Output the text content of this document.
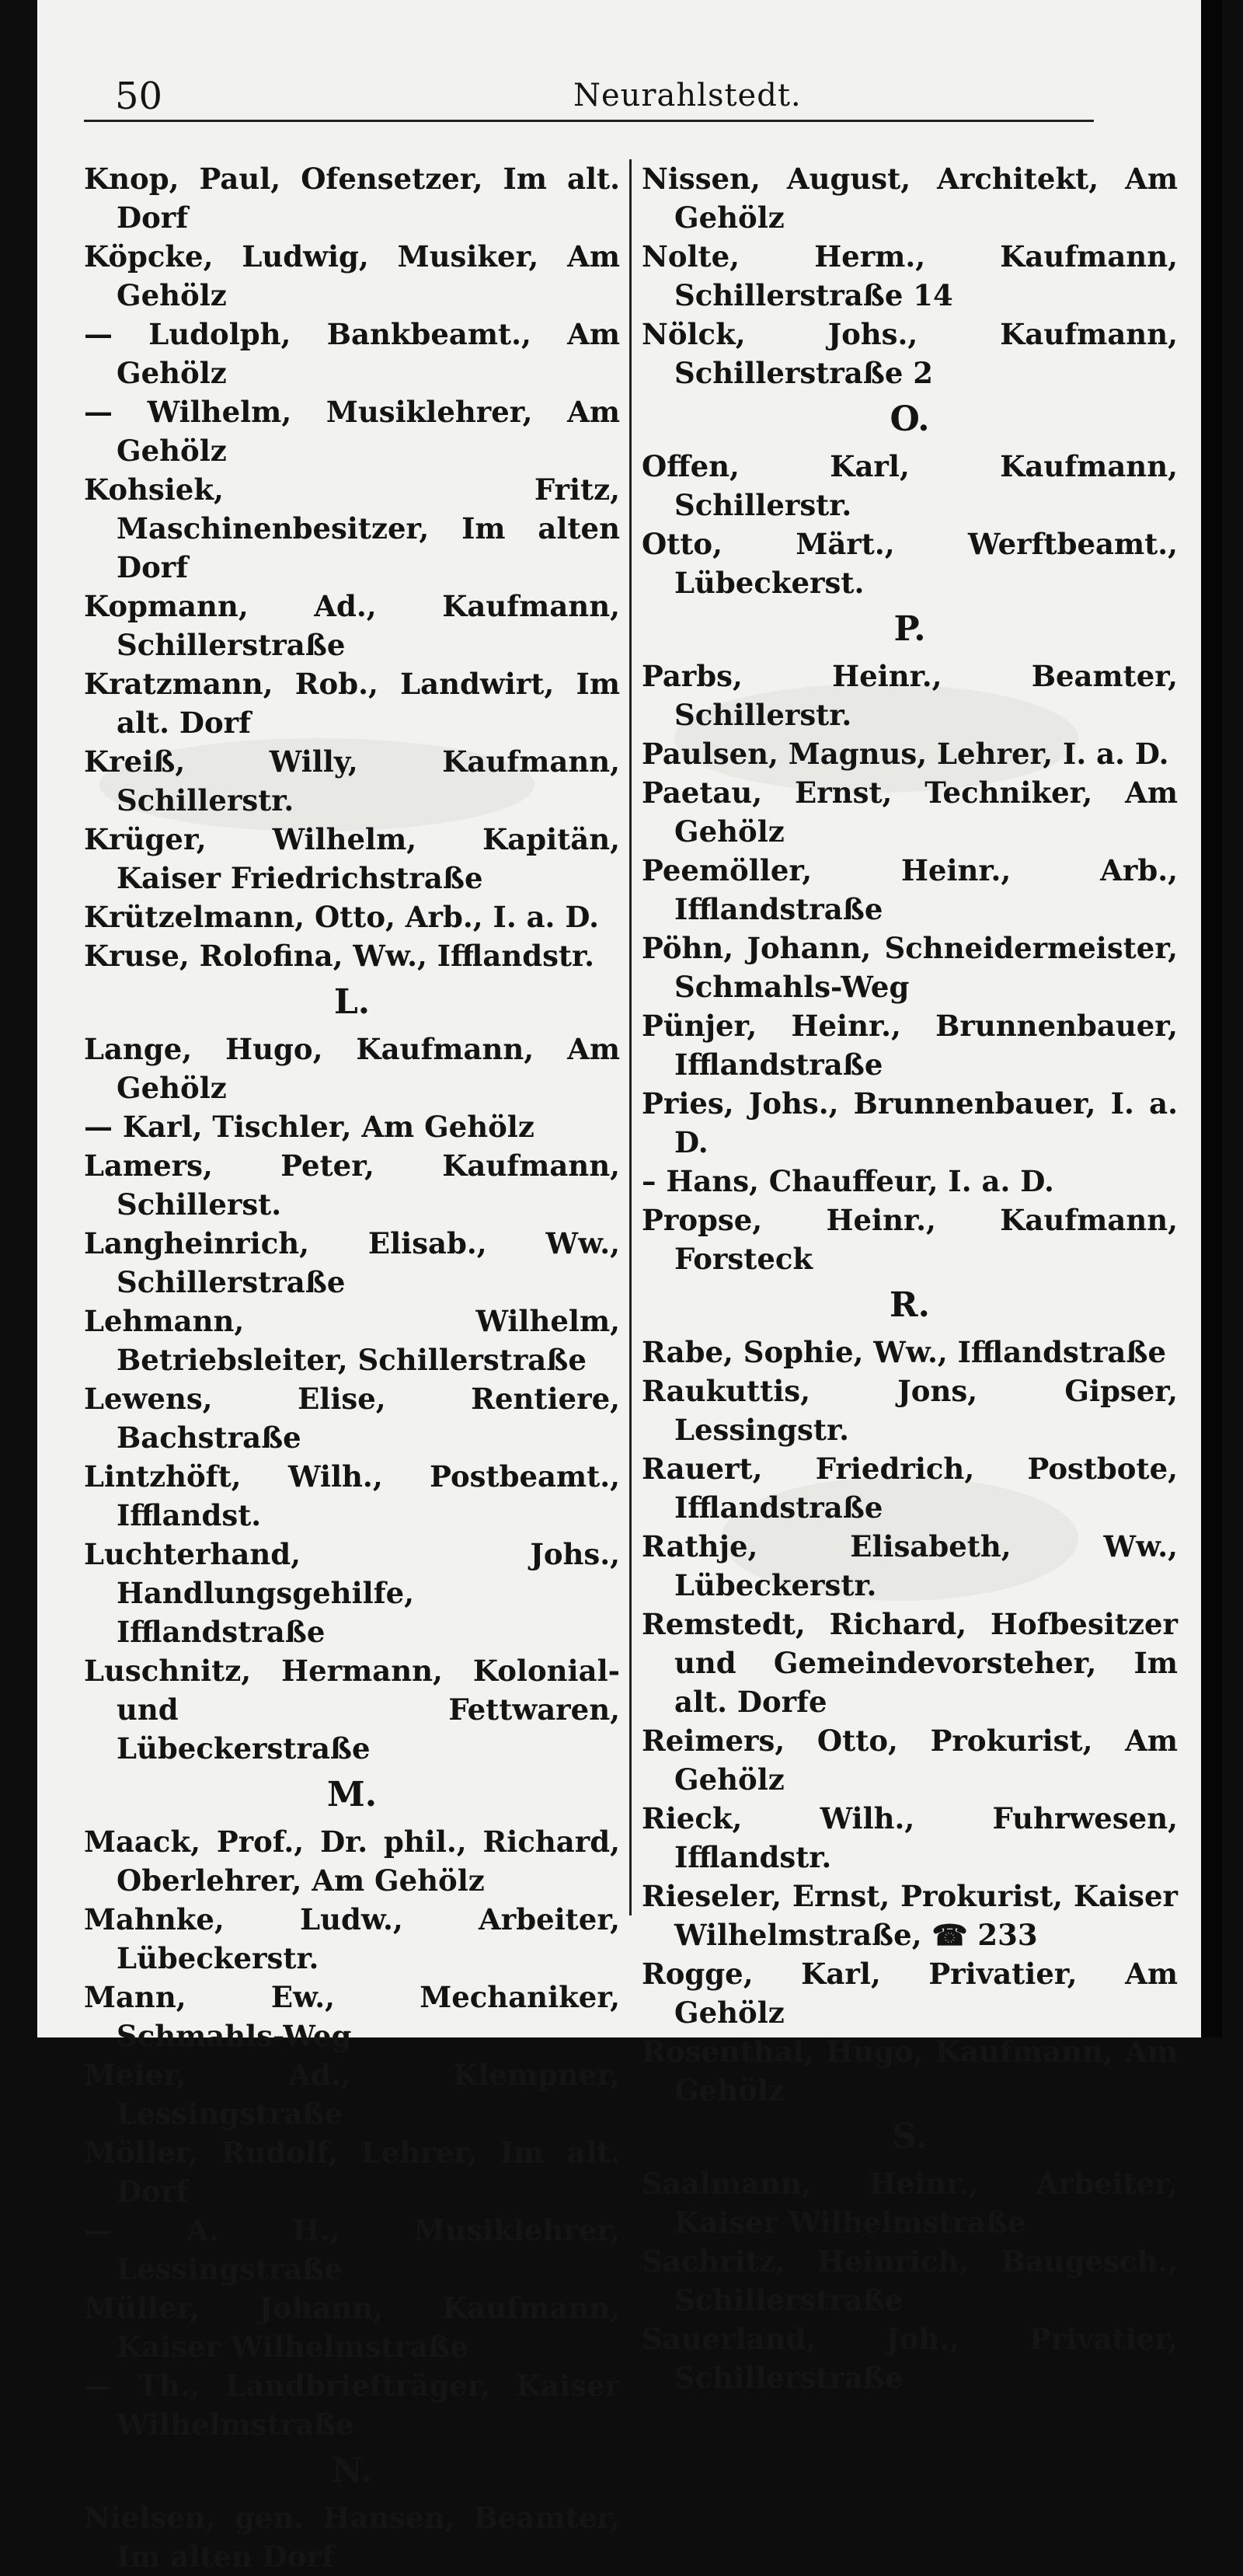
50	Neurahlstedt.

Knop, Paul, Ofensetzer, Im alt. Dorf

Köpcke, Ludwig, Musiker, Am Gehölz

— Ludolph, Bankbeamt., Am Gehölz

— Wilhelm, Musiklehrer, Am Gehölz

Kohsiek, Fritz, Maschinenbesitzer, Im alten Dorf

Kopmann, Ad., Kaufmann, Schillerstraße

Kratzmann, Rob., Landwirt, Im alt. Dorf

Kreiß, Willy, Kaufmann, Schillerstr.

Krüger, Wilhelm, Kapitän, Kaiser Friedrichstraße

Krützelmann, Otto, Arb., I. a. D.

Kruse, Rolofina, Ww., Ifflandstr.

L.

Lange, Hugo, Kaufmann, Am Gehölz

— Karl, Tischler, Am Gehölz

Lamers, Peter, Kaufmann, Schillerst.

Langheinrich, Elisab., Ww., Schillerstraße

Lehmann, Wilhelm, Betriebsleiter, Schillerstraße

Lewens, Elise, Rentiere, Bachstraße

Lintzhöft, Wilh., Postbeamt., Ifflandst.

Luchterhand, Johs., Handlungsgehilfe, Ifflandstraße

Luschnitz, Hermann, Kolonial- und Fettwaren, Lübeckerstraße

M.

Maack, Prof., Dr. phil., Richard, Oberlehrer, Am Gehölz

Mahnke, Ludw., Arbeiter, Lübeckerstr.

Mann, Ew., Mechaniker, Schmahls-Weg

Meier, Ad., Klempner, Lessingstraße

Möller, Rudolf, Lehrer, Im alt. Dorf

— A. H., Musiklehrer, Lessingstraße

Müller, Johann, Kaufmann, Kaiser Wilhelmstraße

— Th., Landbriefträger, Kaiser Wilhelmstraße

N.

Nielsen, gen. Hansen, Beamter, Im alten Dorf

Nissen, August, Architekt, Am Gehölz

Nolte, Herm., Kaufmann, Schillerstraße 14

Nölck, Johs., Kaufmann, Schillerstraße 2

O.

Offen, Karl, Kaufmann, Schillerstr.

Otto, Märt., Werftbeamt., Lübeckerst.

P.

Parbs, Heinr., Beamter, Schillerstr.

Paulsen, Magnus, Lehrer, I. a. D.

Paetau, Ernst, Techniker, Am Gehölz

Peemöller, Heinr., Arb., Ifflandstraße

Pöhn, Johann, Schneidermeister, Schmahls-Weg

Pünjer, Heinr., Brunnenbauer, Ifflandstraße

Pries, Johs., Brunnenbauer, I. a. D.

– Hans, Chauffeur, I. a. D.

Propse, Heinr., Kaufmann, Forsteck

R.

Rabe, Sophie, Ww., Ifflandstraße

Raukuttis, Jons, Gipser, Lessingstr.

Rauert, Friedrich, Postbote, Ifflandstraße

Rathje, Elisabeth, Ww., Lübeckerstr.

Remstedt, Richard, Hofbesitzer und Gemeindevorsteher, Im alt. Dorfe

Reimers, Otto, Prokurist, Am Gehölz

Rieck, Wilh., Fuhrwesen, Ifflandstr.

Rieseler, Ernst, Prokurist, Kaiser Wilhelmstraße, ☎ 233

Rogge, Karl, Privatier, Am Gehölz

Rosenthal, Hugo, Kaufmann, Am Gehölz

S.

Saalmann, Heinr., Arbeiter, Kaiser Wilhelmstraße

Sachritz, Heinrich, Baugesch., Schillerstraße

Sauerland, Joh., Privatier, Schillerstraße
